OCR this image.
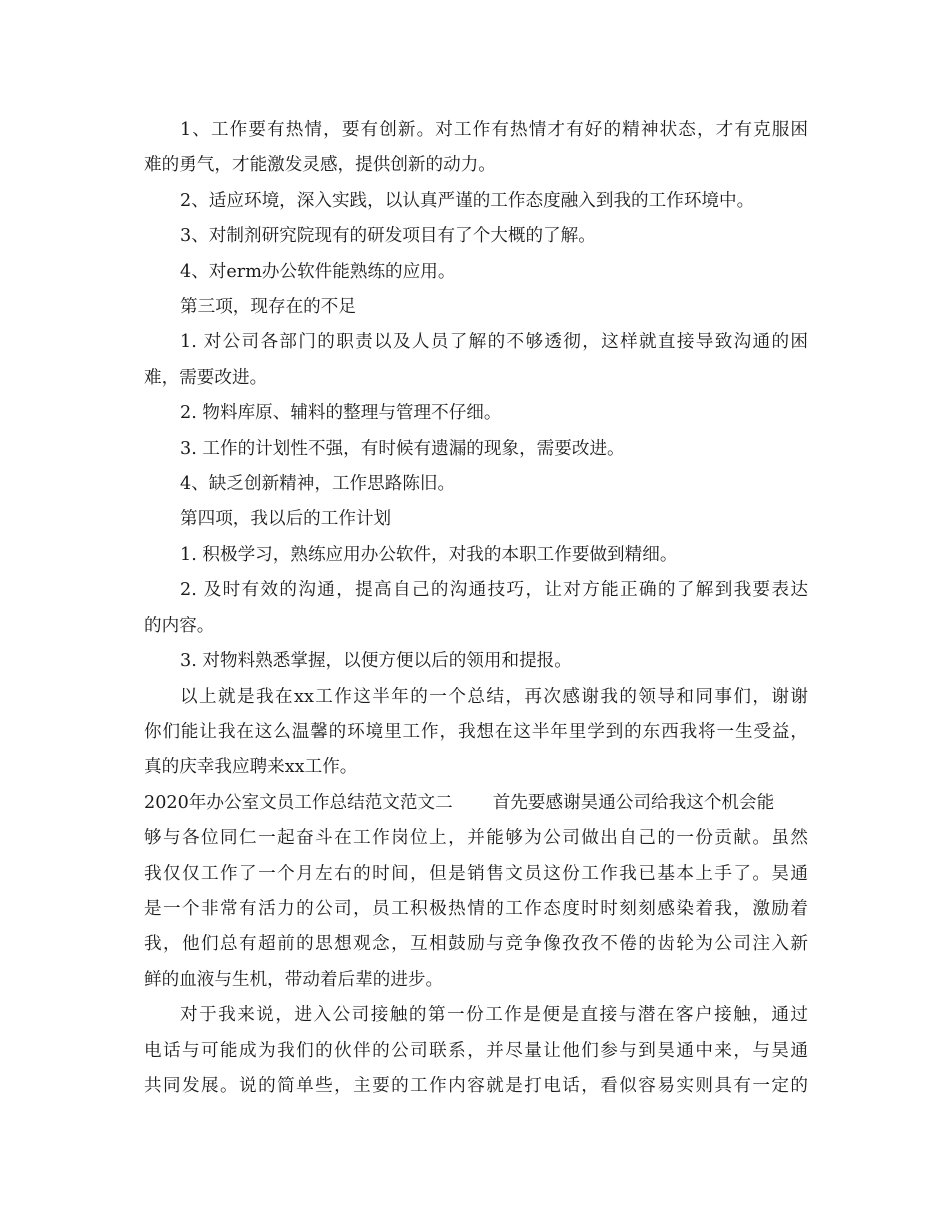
1、工作要有热情，要有创新。对工作有热情才有好的精神状态，才有克服困

难的勇气，才能激发灵感，提供创新的动力。

2、适应环境，深入实践，以认真严谨的工作态度融入到我的工作环境中。

3、对制剂研究院现有的研发项目有了个大概的了解。

4、对erm办公软件能熟练的应用。

第三项，现存在的不足

1. 对公司各部门的职责以及人员了解的不够透彻，这样就直接导致沟通的困

难，需要改进。

2. 物料库原、辅料的整理与管理不仔细。

3. 工作的计划性不强，有时候有遗漏的现象，需要改进。

4、缺乏创新精神，工作思路陈旧。

第四项，我以后的工作计划

1. 积极学习，熟练应用办公软件，对我的本职工作要做到精细。

2. 及时有效的沟通，提高自己的沟通技巧，让对方能正确的了解到我要表达

的内容。

3. 对物料熟悉掌握，以便方便以后的领用和提报。

以上就是我在xx工作这半年的一个总结，再次感谢我的领导和同事们，谢谢

你们能让我在这么温馨的环境里工作，我想在这半年里学到的东西我将一生受益，

真的庆幸我应聘来xx工作。

2020年办公室文员工作总结范文范文二 首先要感谢昊通公司给我这个机会能

够与各位同仁一起奋斗在工作岗位上，并能够为公司做出自己的一份贡献。虽然

我仅仅工作了一个月左右的时间，但是销售文员这份工作我已基本上手了。昊通

是一个非常有活力的公司，员工积极热情的工作态度时时刻刻感染着我，激励着

我，他们总有超前的思想观念，互相鼓励与竞争像孜孜不倦的齿轮为公司注入新

鲜的血液与生机，带动着后辈的进步。

对于我来说，进入公司接触的第一份工作是便是直接与潜在客户接触，通过

电话与可能成为我们的伙伴的公司联系，并尽量让他们参与到昊通中来，与昊通

共同发展。说的简单些，主要的工作内容就是打电话，看似容易实则具有一定的
